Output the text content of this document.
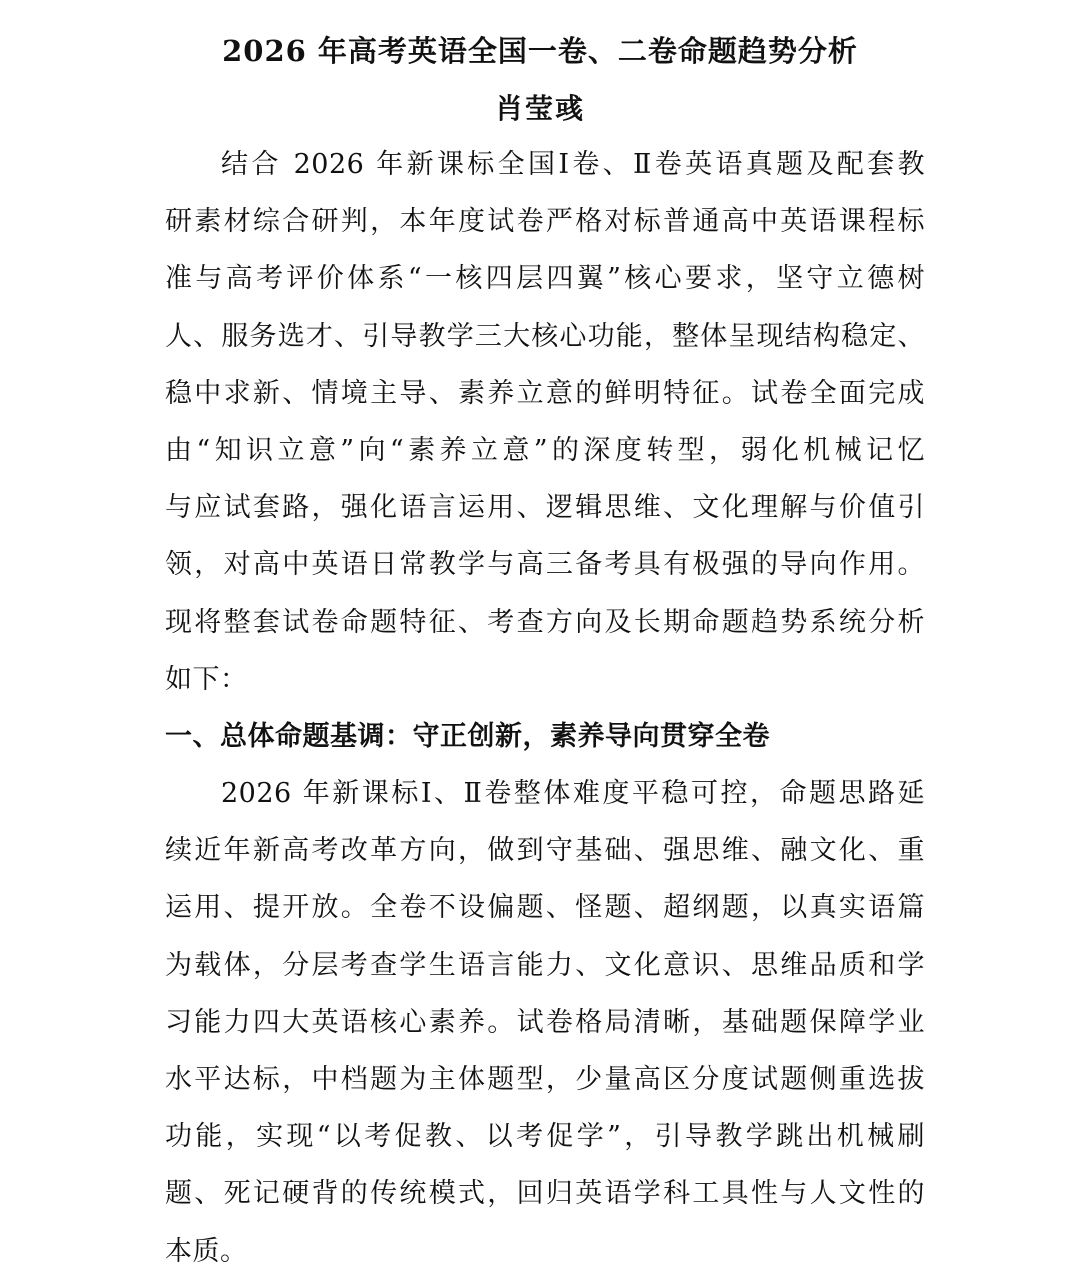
2026 年高考英语全国一卷、二卷命题趋势分析
肖莹彧
结合 2026 年新课标全国Ⅰ卷、Ⅱ卷英语真题及配套教
研素材综合研判，本年度试卷严格对标普通高中英语课程标
准与高考评价体系“一核四层四翼”核心要求，坚守立德树
人、服务选才、引导教学三大核心功能，整体呈现结构稳定、
稳中求新、情境主导、素养立意的鲜明特征。试卷全面完成
由“知识立意”向“素养立意”的深度转型，弱化机械记忆
与应试套路，强化语言运用、逻辑思维、文化理解与价值引
领，对高中英语日常教学与高三备考具有极强的导向作用。
现将整套试卷命题特征、考查方向及长期命题趋势系统分析
如下：
一、总体命题基调：守正创新，素养导向贯穿全卷
2026 年新课标Ⅰ、Ⅱ卷整体难度平稳可控，命题思路延
续近年新高考改革方向，做到守基础、强思维、融文化、重
运用、提开放。全卷不设偏题、怪题、超纲题，以真实语篇
为载体，分层考查学生语言能力、文化意识、思维品质和学
习能力四大英语核心素养。试卷格局清晰，基础题保障学业
水平达标，中档题为主体题型，少量高区分度试题侧重选拔
功能，实现“以考促教、以考促学”，引导教学跳出机械刷
题、死记硬背的传统模式，回归英语学科工具性与人文性的
本质。
